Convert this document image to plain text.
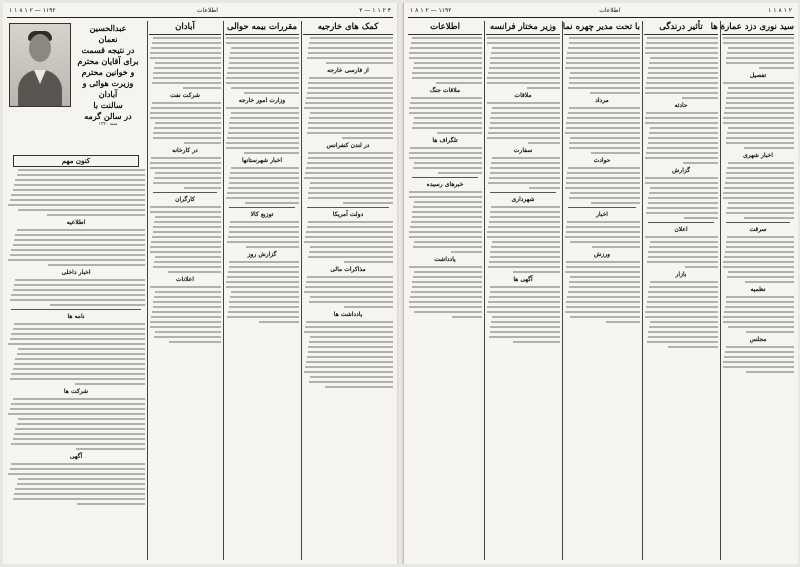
۴ ۲ ۱ ۱ — ۲
اطلاعات
۱۱۹۲ — ۲ ۱ ۸ ۱ ۱
عبدالحسین
نعمان
در نتیجه قسمت
برای آقایان محترم
و خوانین محترم
وزیرت هوائی و آبادان
سالنت با
در سالن گرمه
سنه ۱۳۲۰
کمک های خارجیه

از فارسی خارجه

در لندن کنفرانس

دولت آمریکا

مذاکرات مالی

یادداشت ها

مقررات بیمه حوالی

وزارت امور خارجه

اخبار شهرستانها

توزیع کالا

گزارش روز

آبادان

شرکت نفت

در کارخانه

کارگران

اعلانات

کنون مهم

اطلاعیه

اخبار داخلی

نامه ها

شرکت ها

آگهی

۲ ۱ ۸ ۱ ۱
اطلاعات
۱۱۹۲ — ۲ ۱ ۸ ۱
سید نوری دزد عمارة ها

تفصیل

اخبار شهری

سرقت

نظمیه

مجلس

تأثیر درندگی

حادثه

گزارش

اعلان

بازار

با تحت مدیر چهره نما

مرداد

حوادث

اخبار

ورزش

وزیر مختار فرانسه

ملاقات

سفارت

شهرداری

آگهی ها

اطلاعات

ملاقات جنگ

تلگراف ها

خبرهای رسیده

یادداشت
